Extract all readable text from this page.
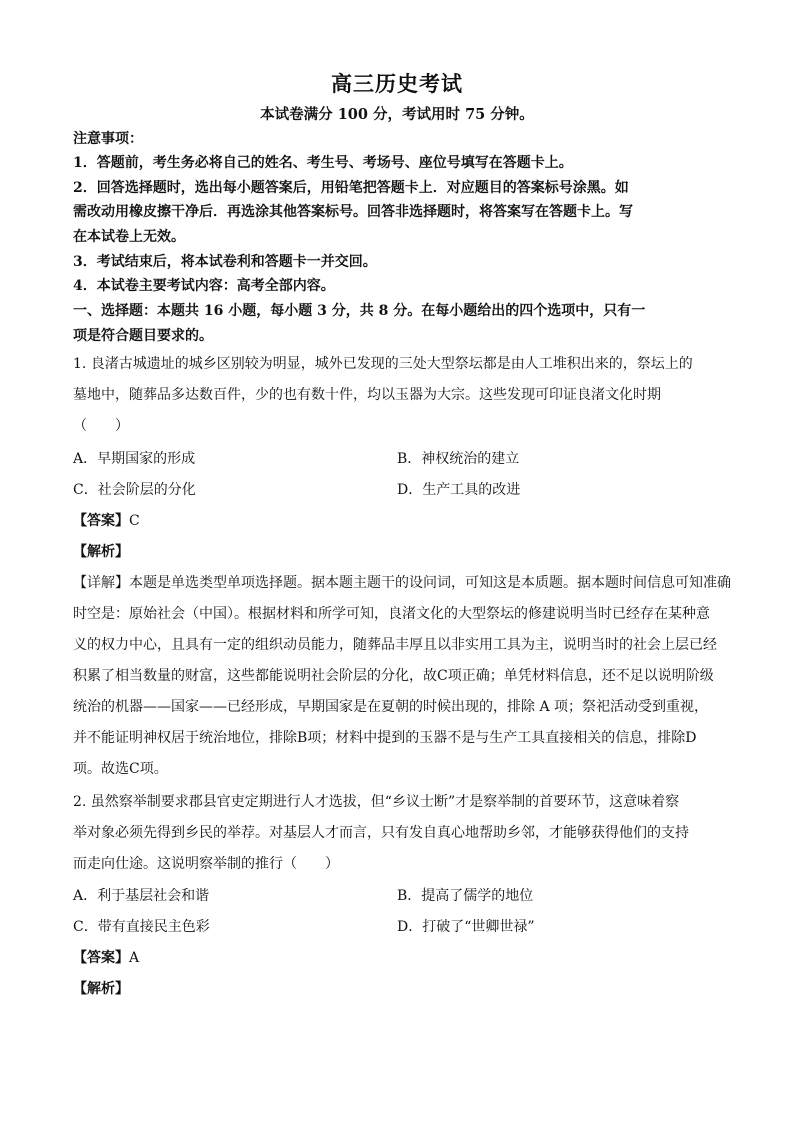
高三历史考试
本试卷满分 100 分，考试用时 75 分钟。
注意事项：
1．答题前，考生务必将自己的姓名、考生号、考场号、座位号填写在答题卡上。
2．回答选择题时，选出每小题答案后，用铅笔把答题卡上．对应题目的答案标号涂黑。如
需改动用橡皮擦干净后．再选涂其他答案标号。回答非选择题时，将答案写在答题卡上。写
在本试卷上无效。
3．考试结束后，将本试卷利和答题卡一并交回。
4．本试卷主要考试内容：高考全部内容。
一、选择题：本题共 16 小题，每小题 3 分，共 8 分。在每小题给出的四个选项中，只有一
项是符合题目要求的。
1. 良渚古城遗址的城乡区别较为明显，城外已发现的三处大型祭坛都是由人工堆积出来的，祭坛上的
墓地中，随葬品多达数百件，少的也有数十件，均以玉器为大宗。这些发现可印证良渚文化时期
（　　）
A．早期国家的形成	B．神权统治的建立
C．社会阶层的分化	D．生产工具的改进
【答案】C
【解析】
【详解】本题是单选类型单项选择题。据本题主题干的设问词，可知这是本质题。据本题时间信息可知准确
时空是：原始社会（中国）。根据材料和所学可知，良渚文化的大型祭坛的修建说明当时已经存在某种意
义的权力中心，且具有一定的组织动员能力，随葬品丰厚且以非实用工具为主，说明当时的社会上层已经
积累了相当数量的财富，这些都能说明社会阶层的分化，故C项正确；单凭材料信息，还不足以说明阶级
统治的机器——国家——已经形成，早期国家是在夏朝的时候出现的，排除 A 项；祭祀活动受到重视，
并不能证明神权居于统治地位，排除B项；材料中提到的玉器不是与生产工具直接相关的信息，排除D
项。故选C项。
2. 虽然察举制要求郡县官吏定期进行人才选拔，但“乡议士断”才是察举制的首要环节，这意味着察
举对象必须先得到乡民的举荐。对基层人才而言，只有发自真心地帮助乡邻，才能够获得他们的支持
而走向仕途。这说明察举制的推行（　　）
A．利于基层社会和谐	B．提高了儒学的地位
C．带有直接民主色彩	D．打破了“世卿世禄”
【答案】A
【解析】
